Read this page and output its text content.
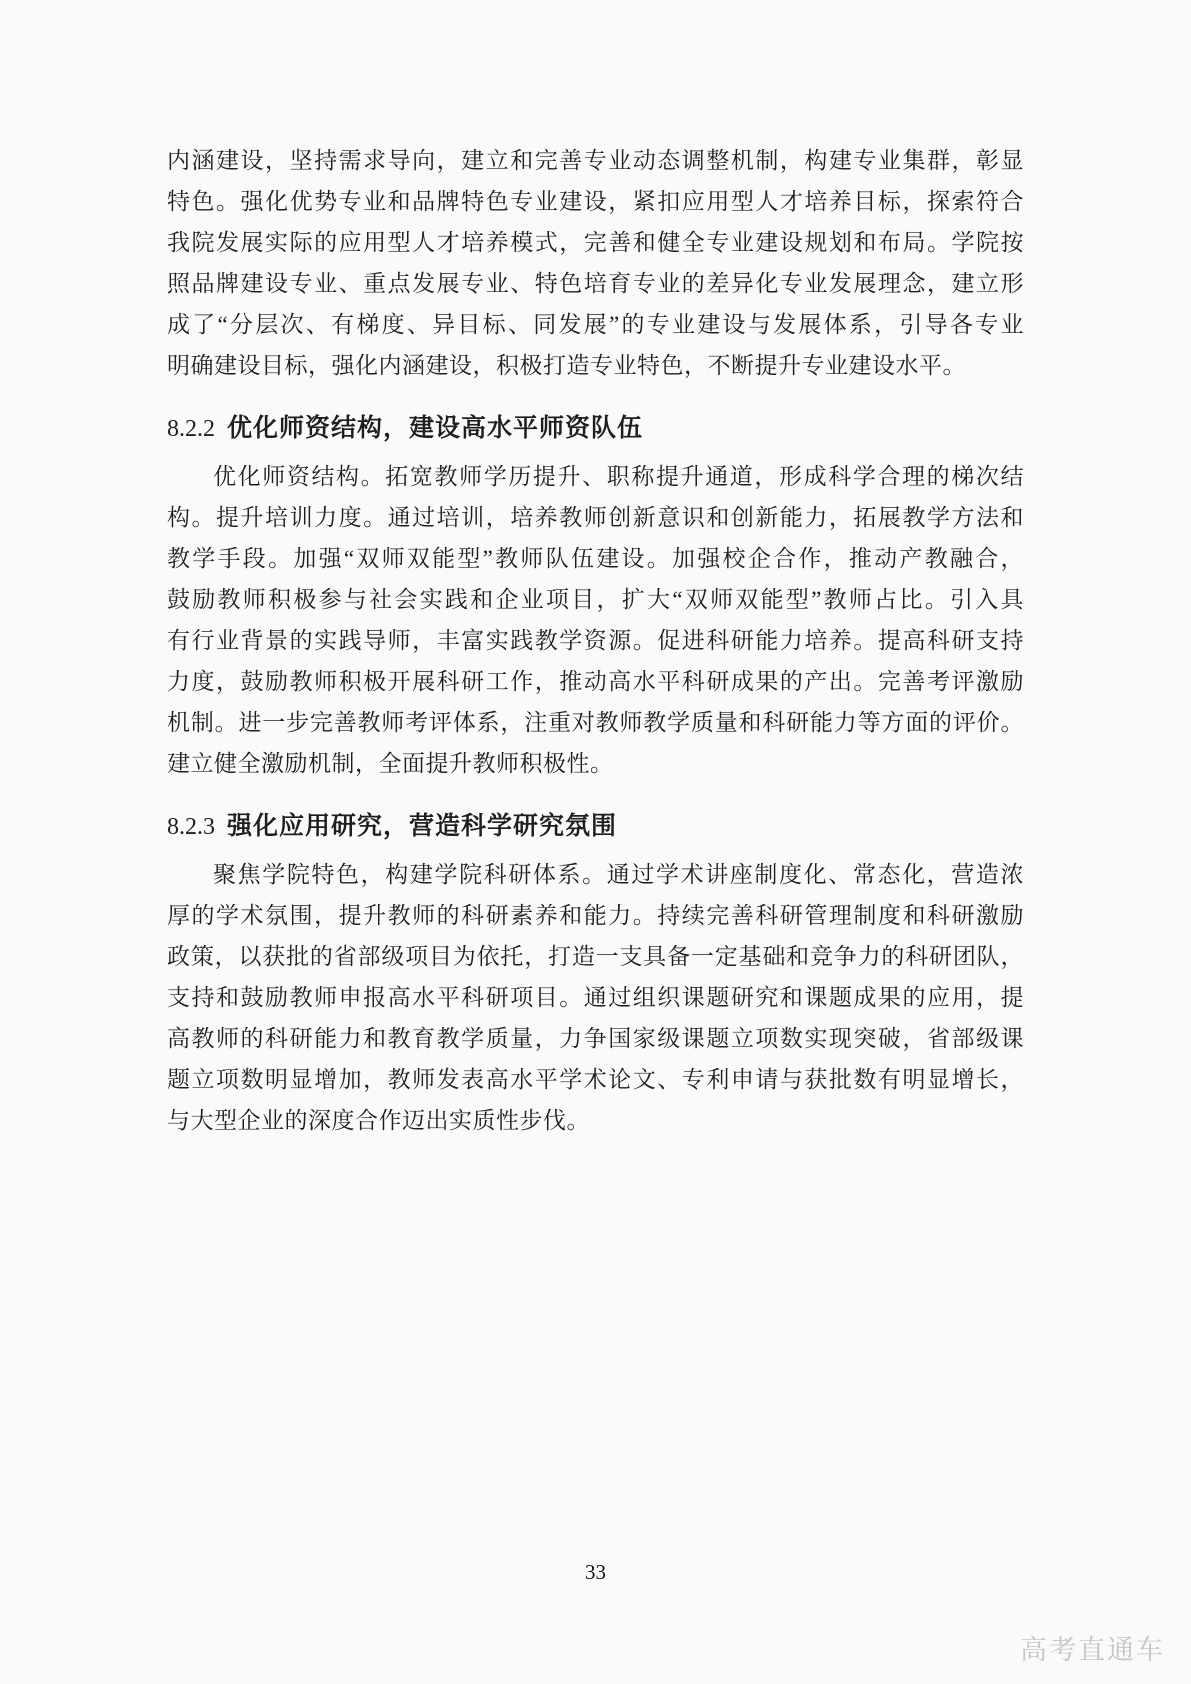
内涵建设，坚持需求导向，建立和完善专业动态调整机制，构建专业集群，彰显
特色。强化优势专业和品牌特色专业建设，紧扣应用型人才培养目标，探索符合
我院发展实际的应用型人才培养模式，完善和健全专业建设规划和布局。学院按
照品牌建设专业、重点发展专业、特色培育专业的差异化专业发展理念，建立形
成了“分层次、有梯度、异目标、同发展”的专业建设与发展体系，引导各专业
明确建设目标，强化内涵建设，积极打造专业特色，不断提升专业建设水平。
8.2.2 优化师资结构，建设高水平师资队伍
优化师资结构。拓宽教师学历提升、职称提升通道，形成科学合理的梯次结
构。提升培训力度。通过培训，培养教师创新意识和创新能力，拓展教学方法和
教学手段。加强“双师双能型”教师队伍建设。加强校企合作，推动产教融合，
鼓励教师积极参与社会实践和企业项目，扩大“双师双能型”教师占比。引入具
有行业背景的实践导师，丰富实践教学资源。促进科研能力培养。提高科研支持
力度，鼓励教师积极开展科研工作，推动高水平科研成果的产出。完善考评激励
机制。进一步完善教师考评体系，注重对教师教学质量和科研能力等方面的评价。
建立健全激励机制，全面提升教师积极性。
8.2.3 强化应用研究，营造科学研究氛围
聚焦学院特色，构建学院科研体系。通过学术讲座制度化、常态化，营造浓
厚的学术氛围，提升教师的科研素养和能力。持续完善科研管理制度和科研激励
政策，以获批的省部级项目为依托，打造一支具备一定基础和竞争力的科研团队，
支持和鼓励教师申报高水平科研项目。通过组织课题研究和课题成果的应用，提
高教师的科研能力和教育教学质量，力争国家级课题立项数实现突破，省部级课
题立项数明显增加，教师发表高水平学术论文、专利申请与获批数有明显增长，
与大型企业的深度合作迈出实质性步伐。
33
高考直通车
